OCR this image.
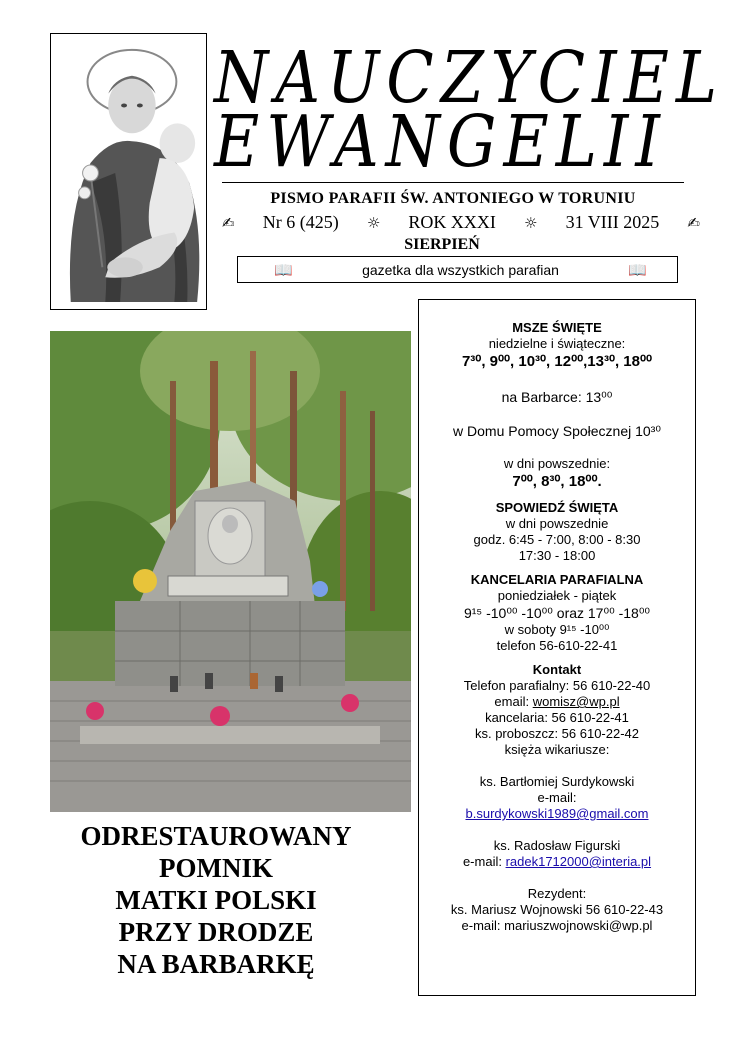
NAUCZYCIEL
EWANGELII
PISMO PARAFII ŚW. ANTONIEGO W TORUNIU
✍ Nr 6 (425) ☼ ROK XXXI ☼ 31 VIII 2025 ✍
SIERPIEŃ
📖	gazetka dla wszystkich parafian	📖
ODRESTAUROWANY
POMNIK
MATKI POLSKI
PRZY DRODZE
NA BARBARKĘ
MSZE ŚWIĘTE
niedzielne i świąteczne:
7³⁰, 9⁰⁰, 10³⁰, 12⁰⁰,13³⁰, 18⁰⁰
na Barbarce: 13⁰⁰
w Domu Pomocy Społecznej 10³⁰
w dni powszednie:
7⁰⁰, 8³⁰, 18⁰⁰.
SPOWIEDŹ ŚWIĘTA
w dni powszednie
godz. 6:45 - 7:00, 8:00 - 8:30
17:30 - 18:00
KANCELARIA PARAFIALNA
poniedziałek - piątek
9¹⁵ -10⁰⁰ -10⁰⁰ oraz 17⁰⁰ -18⁰⁰
w soboty 9¹⁵ -10⁰⁰
telefon 56-610-22-41
Kontakt
Telefon parafialny: 56 610-22-40
email: womisz@wp.pl
kancelaria: 56 610-22-41
ks. proboszcz: 56 610-22-42
księża wikariusze:
ks. Bartłomiej Surdykowski
e-mail:
b.surdykowski1989@gmail.com
ks. Radosław Figurski
e-mail: radek1712000@interia.pl
Rezydent:
ks. Mariusz Wojnowski 56 610-22-43
e-mail: mariuszwojnowski@wp.pl
